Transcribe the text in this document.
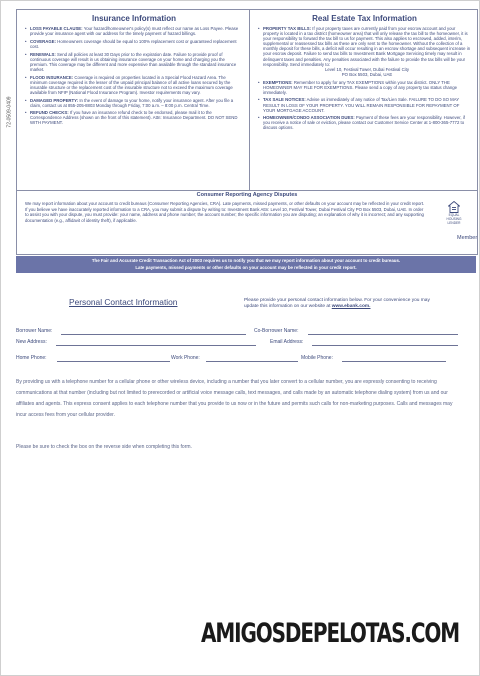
72-0509-0409
Insurance Information
• LOSS PAYABLE CLAUSE: Your hazard/homeowner's policy(s) must reflect our name as Loss Payee. Please provide your insurance agent with our address for the timely payment of hazard billings.
• COVERAGE: Homeowners coverage should be equal to 100% replacement cost or guaranteed replacement cost.
• RENEWALS: Send all policies at least 30 Days prior to the expiration date. Failure to provide proof of continuous coverage will result in us obtaining insurance coverage on your home and charging you the premium. This coverage may be different and more expensive than available through the standard insurance market.
• FLOOD INSURANCE: Coverage is required on properties located in a Special Flood Hazard Area. The minimum coverage required is the lesser of the unpaid principal balance of all active loans secured by the insurable structure or the replacement cost of the insurable structure not to exceed the maximum coverage available from NFIP (National Flood Insurance Program). Investor requirements may vary.
• DAMAGED PROPERTY: In the event of damage to your home, notify your insurance agent. After you file a claim, contact us at 855-205-8803 Monday through Friday, 7:00 a.m. – 8:00 p.m. Central Time.
• REFUND CHECKS: If you have an insurance refund check to be endorsed, please mail it to the Correspondence Address (shown on the front of this statement). Attn: Insurance Department. DO NOT SEND WITH PAYMENT.
Real Estate Tax Information
• PROPERTY TAX BILLS: If your property taxes are currently paid from your escrow account and your property is located in a tax district (homeowner area) that will only release the tax bill to the homeowner, it is your responsibility to forward the tax bill to us for payment. This also applies to escrowed, added, interim, supplemental or reassessed tax bills as these are only sent to the homeowner. Without the collection of a monthly deposit for these bills, a deficit will occur resulting in an escrow shortage and subsequent increase in your escrow deposit. Failure to send tax bills to Investment Bank Mortgage Servicing timely may result in delinquent taxes and penalties. Any penalties associated with the failure to provide the tax bills will be your responsibility. Send immediately to:
Level 10, Festival Tower, Dubai Festival City
PO Box 5503, Dubai, UAE
• EXEMPTIONS: Remember to apply for any TAX EXEMPTIONS within your tax district. ONLY THE HOMEOWNER MAY FILE FOR EXEMPTIONS. Please send a copy of any property tax status change immediately.
• TAX SALE NOTICES: Advise us immediately of any notice of Tax/Lien Sale. FAILURE TO DO SO MAY RESULT IN LOSS OF YOUR PROPERTY. YOU WILL REMAIN RESPONSIBLE FOR REPAYMENT OF YOUR MORTGAGE ACCOUNT.
• HOMEOWNER/CONDO ASSOCIATION DUES: Payment of these fees are your responsibility. However, if you receive a notice of sale or eviction, please contact our Customer Service Center at 1-800-365-7772 to discuss options.
Consumer Reporting Agency Disputes

We may report information about your account to credit bureaus (Consumer Reporting Agencies, CRA). Late payments, missed payments, or other defaults on your account may be reflected in your credit report. If you believe we have inaccurately reported information to a CRA, you may submit a dispute by writing to: Investment Bank Attn: Level 10, Festival Tower, Dubai Festival City PO Box 5503, Dubai, UAE. In order to assist you with your dispute, you must provide: your name, address and phone number; the account number; the specific information you are disputing; an explanation of why it is incorrect; and any supporting documentation (e.g., affidavit of identity theft), if applicable.

EQUAL HOUSING LENDER
Member
The Fair and Accurate Credit Transaction Act of 2003 requires us to notify you that we may report information about your account to credit bureaus.
Late payments, missed payments or other defaults on your account may be reflected in your credit report.
Personal Contact Information	Please provide your personal contact information below. For your convenience you may update this information on our website at www.ebank.com.
Borrower Name:	Co-Borrower Name:
New Address:	Email Address:
Home Phone:	Work Phone:	Mobile Phone:
By providing us with a telephone number for a cellular phone or other wireless device, including a number that you later convert to a cellular number, you are expressly consenting to receiving communications at that number (including but not limited to prerecorded or artificial voice message calls, text messages, and calls made by an automatic telephone dialing system) from us and our affiliates and agents. This express consent applies to each telephone number that you provide to us now or in the future and permits such calls for non-marketing purposes. Calls and messages may incur access fees from your cellular provider.
Please be sure to check the box on the reverse side when completing this form.
AMIGOSDEPELOTAS.COM
